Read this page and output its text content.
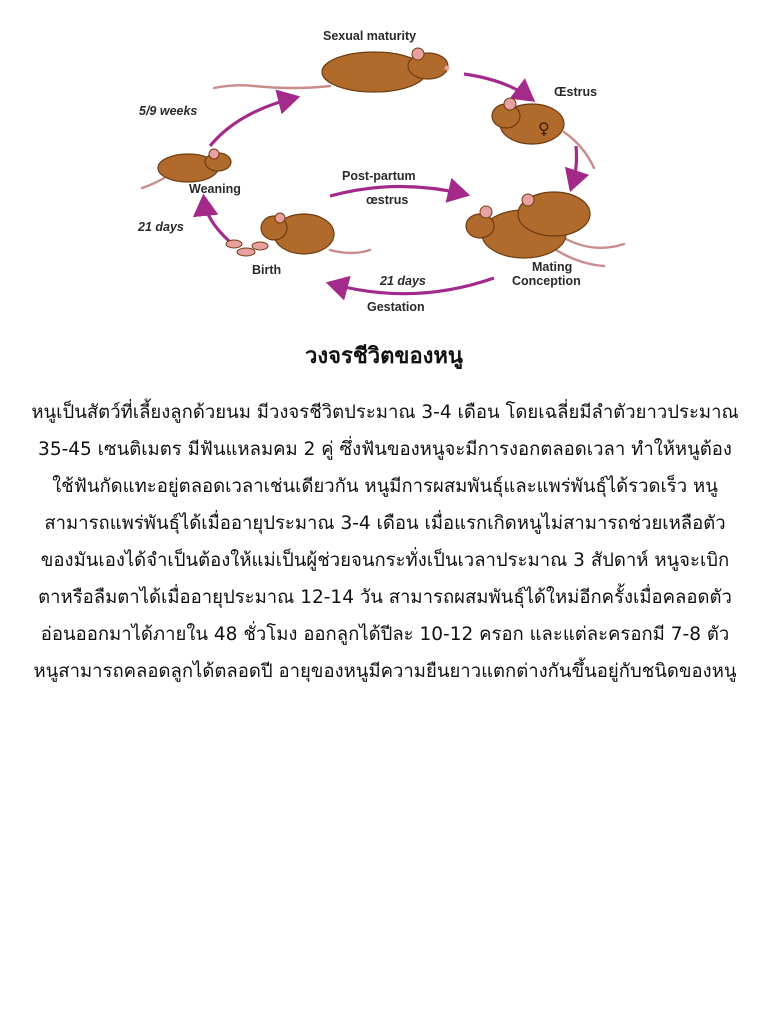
♀
Sexual maturity
Œstrus
Mating
Conception
21 days
Gestation
Birth
21 days
Weaning
5/9 weeks
Post-partum
œstrus
วงจรชีวิตของหนู

หนูเป็นสัตว์ที่เลี้ยงลูกด้วยนม มีวงจรชีวิตประมาณ 3-4 เดือน โดยเฉลี่ยมีลำตัวยาวประมาณ 35-45 เซนติเมตร มีฟันแหลมคม 2 คู่ ซึ่งฟันของหนูจะมีการงอกตลอดเวลา ทำให้หนูต้องใช้ฟันกัดแทะอยู่ตลอดเวลาเช่นเดียวกัน หนูมีการผสมพันธุ์และแพร่พันธุ์ได้รวดเร็ว หนูสามารถแพร่พันธุ์ได้เมื่ออายุประมาณ 3-4 เดือน เมื่อแรกเกิดหนูไม่สามารถช่วยเหลือตัวของมันเองได้จำเป็นต้องให้แม่เป็นผู้ช่วยจนกระทั่งเป็นเวลาประมาณ 3 สัปดาห์ หนูจะเบิกตาหรือลืมตาได้เมื่ออายุประมาณ 12-14 วัน สามารถผสมพันธุ์ได้ใหม่อีกครั้งเมื่อคลอดตัวอ่อนออกมาได้ภายใน 48 ชั่วโมง ออกลูกได้ปีละ 10-12 ครอก และแต่ละครอกมี 7-8 ตัว หนูสามารถคลอดลูกได้ตลอดปี อายุของหนูมีความยืนยาวแตกต่างกันขึ้นอยู่กับชนิดของหนู
